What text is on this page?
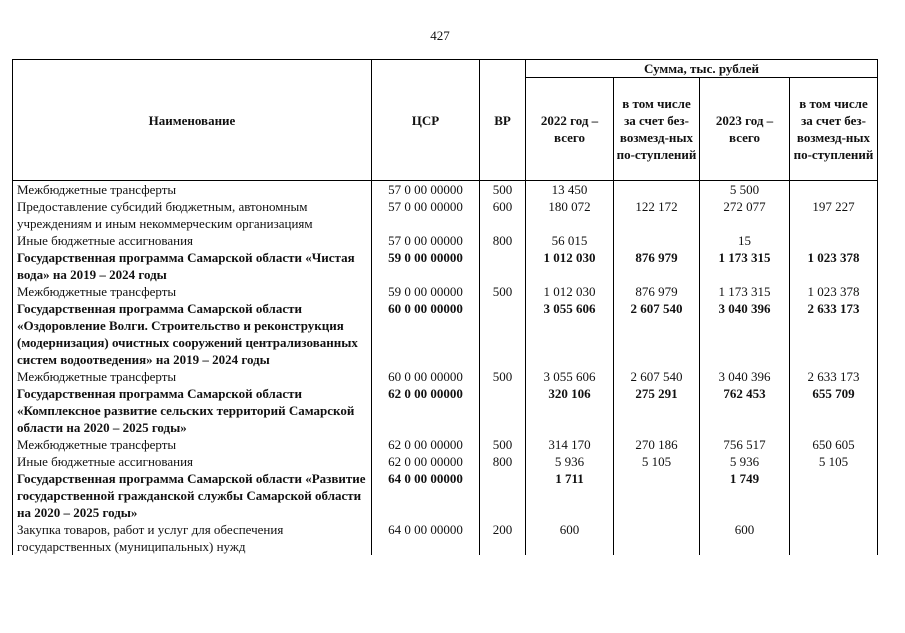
427
Наименование	ЦСР	ВР	Сумма, тыс. рублей			
			2022 год – всего	в том числе за счет без-возмезд-ных по-ступлений	2023 год – всего	в том числе за счет без-возмезд-ных по-ступлений
Межбюджетные трансферты	57 0 00 00000	500	13 450		5 500	
Предоставление субсидий бюджетным, автономным учреждениям и иным некоммерческим организациям	57 0 00 00000	600	180 072	122 172	272 077	197 227
Иные бюджетные ассигнования	57 0 00 00000	800	56 015		15	
Государственная программа Самарской области «Чистая вода» на 2019 – 2024 годы	59 0 00 00000		1 012 030	876 979	1 173 315	1 023 378
Межбюджетные трансферты	59 0 00 00000	500	1 012 030	876 979	1 173 315	1 023 378
Государственная программа Самарской области «Оздоровление Волги. Строительство и реконструкция (модернизация) очистных сооружений централизованных систем водоотведения» на 2019 – 2024 годы	60 0 00 00000		3 055 606	2 607 540	3 040 396	2 633 173
Межбюджетные трансферты	60 0 00 00000	500	3 055 606	2 607 540	3 040 396	2 633 173
Государственная программа Самарской области «Комплексное развитие сельских территорий Самарской области на 2020 – 2025 годы»	62 0 00 00000		320 106	275 291	762 453	655 709
Межбюджетные трансферты	62 0 00 00000	500	314 170	270 186	756 517	650 605
Иные бюджетные ассигнования	62 0 00 00000	800	5 936	5 105	5 936	5 105
Государственная программа Самарской области «Развитие государственной гражданской службы Самарской области на 2020 – 2025 годы»	64 0 00 00000		1 711		1 749	
Закупка товаров, работ и услуг для обеспечения государственных (муниципальных) нужд	64 0 00 00000	200	600		600	
